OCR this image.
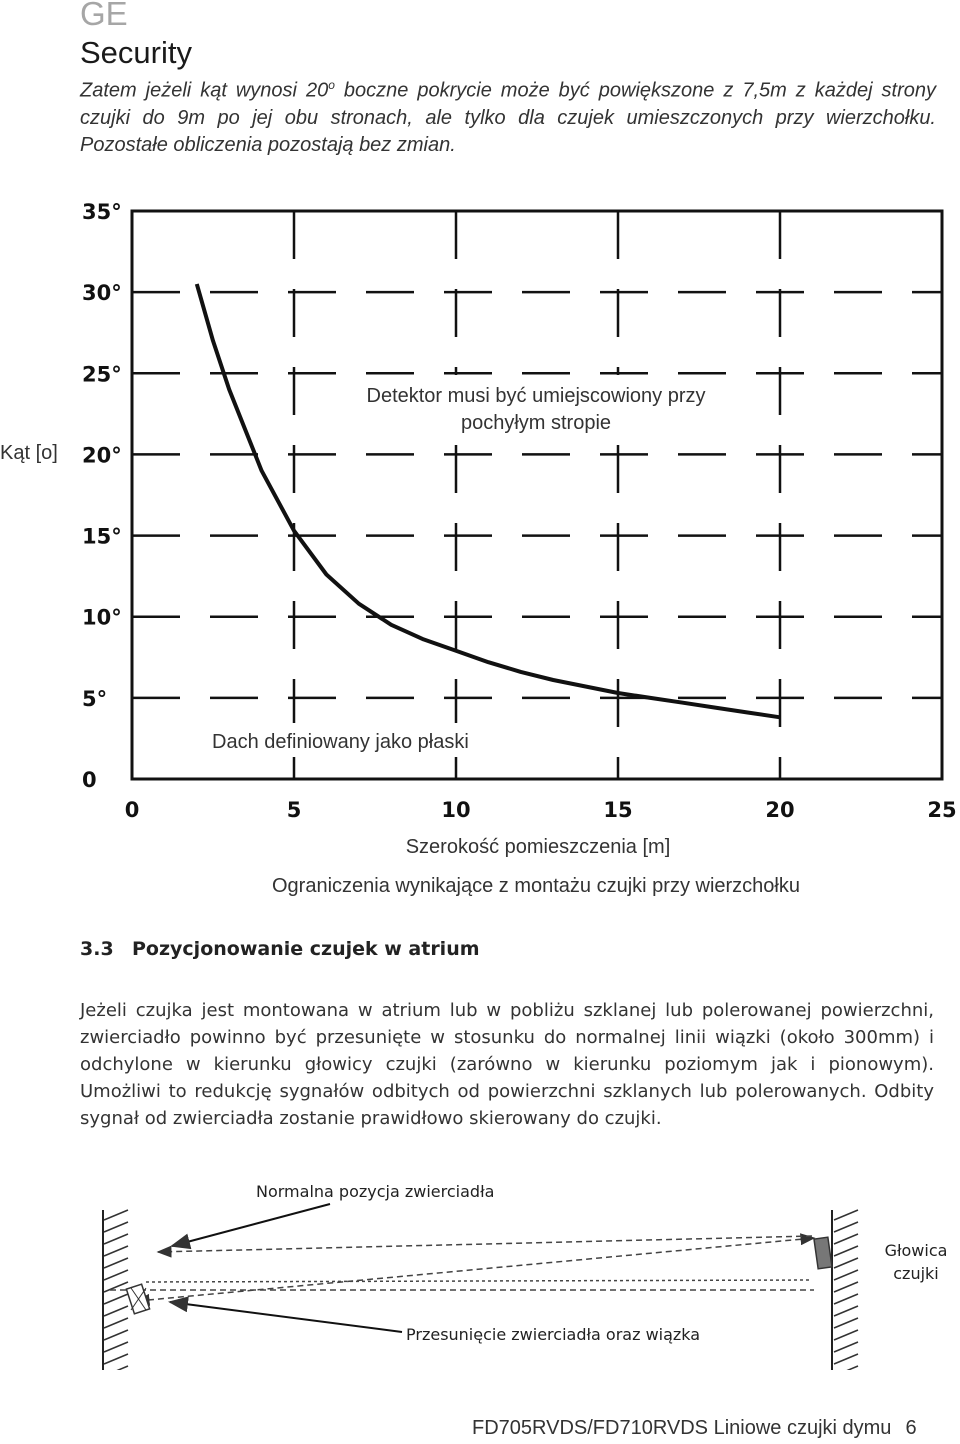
GE
Security

Zatem jeżeli kąt wynosi 20$^o$ boczne pokrycie może być powiększone z 7,5m z każdej strony czujki do 9m po jej obu stronach, ale tylko dla czujek umieszczonych przy wierzchołku. Pozostałe obliczenia pozostają bez zmian.

Detektor musi być umiejscowiony przy
pochyłym stropie
Dach definiowany jako płaski
0
5°
10°
15°
20°
25°
30°
35°
0	5	10	15	20	25
Kąt [o]
Szerokość pomieszczenia [m]
Ograniczenia wynikające z montażu czujki przy wierzchołku
3.3 Pozycjonowanie czujek w atrium

Jeżeli czujka jest montowana w atrium lub w pobliżu szklanej lub polerowanej powierzchni, zwierciadło powinno być przesunięte w stosunku do normalnej linii wiązki (około 300mm) i odchylone w kierunku głowicy czujki (zarówno w kierunku poziomym jak i pionowym). Umożliwi to redukcję sygnałów odbitych od powierzchni szklanych lub polerowanych. Odbity sygnał od zwierciadła zostanie prawidłowo skierowany do czujki.

Normalna pozycja zwierciadła
Przesunięcie zwierciadła oraz wiązka
Głowica
czujki
FD705RVDS/FD710RVDS Liniowe czujki dymu 6
